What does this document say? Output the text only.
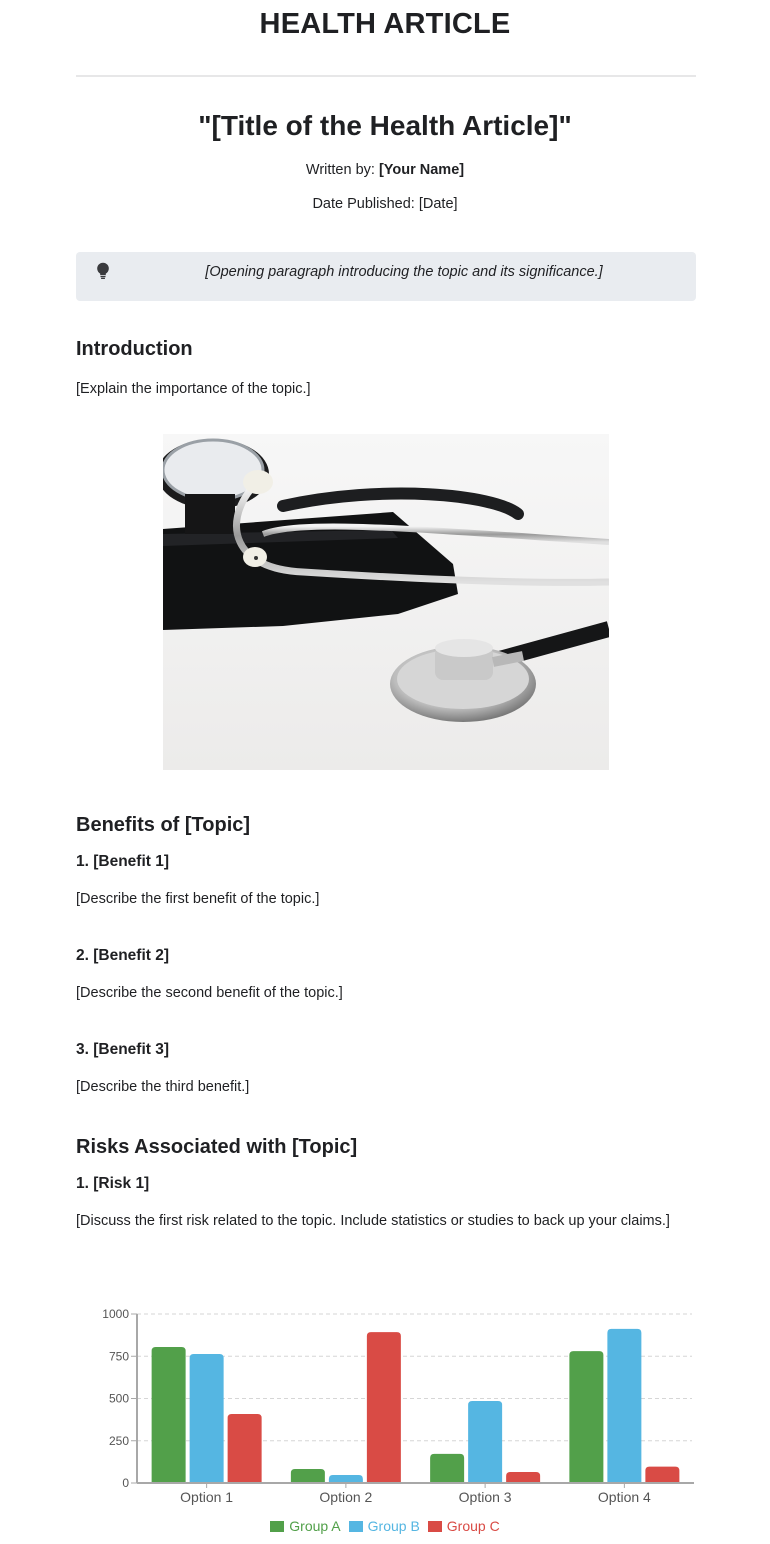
HEALTH ARTICLE
"[Title of the Health Article]"
Written by: [Your Name]
Date Published: [Date]
[Opening paragraph introducing the topic and its significance.]
Introduction

[Explain the importance of the topic.]

Benefits of [Topic]
1. [Benefit 1]

[Describe the first benefit of the topic.]

2. [Benefit 2]

[Describe the second benefit of the topic.]

3. [Benefit 3]

[Describe the third benefit.]

Risks Associated with [Topic]
1. [Risk 1]

[Discuss the first risk related to the topic. Include statistics or studies to back up your claims.]

0
250
500
750
1000
Option 1	Option 2	Option 3	Option 4
Group A Group B Group C
